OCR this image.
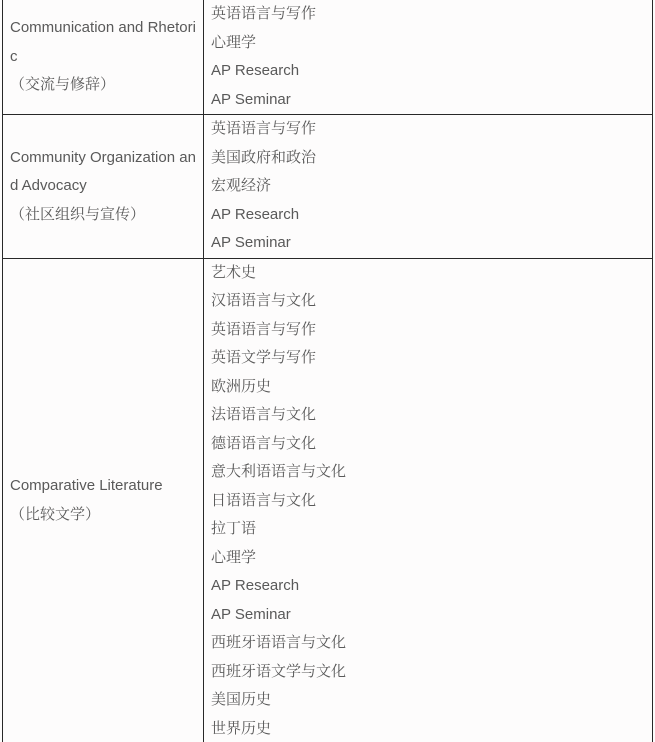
Communication and Rhetoric
（交流与修辞）
英语语言与写作
心理学
AP Research
AP Seminar
Community Organization and Advocacy
（社区组织与宣传）
英语语言与写作
美国政府和政治
宏观经济
AP Research
AP Seminar
Comparative Literature
（比较文学）
艺术史
汉语语言与文化
英语语言与写作
英语文学与写作
欧洲历史
法语语言与文化
德语语言与文化
意大利语语言与文化
日语语言与文化
拉丁语
心理学
AP Research
AP Seminar
西班牙语语言与文化
西班牙语文学与文化
美国历史
世界历史
